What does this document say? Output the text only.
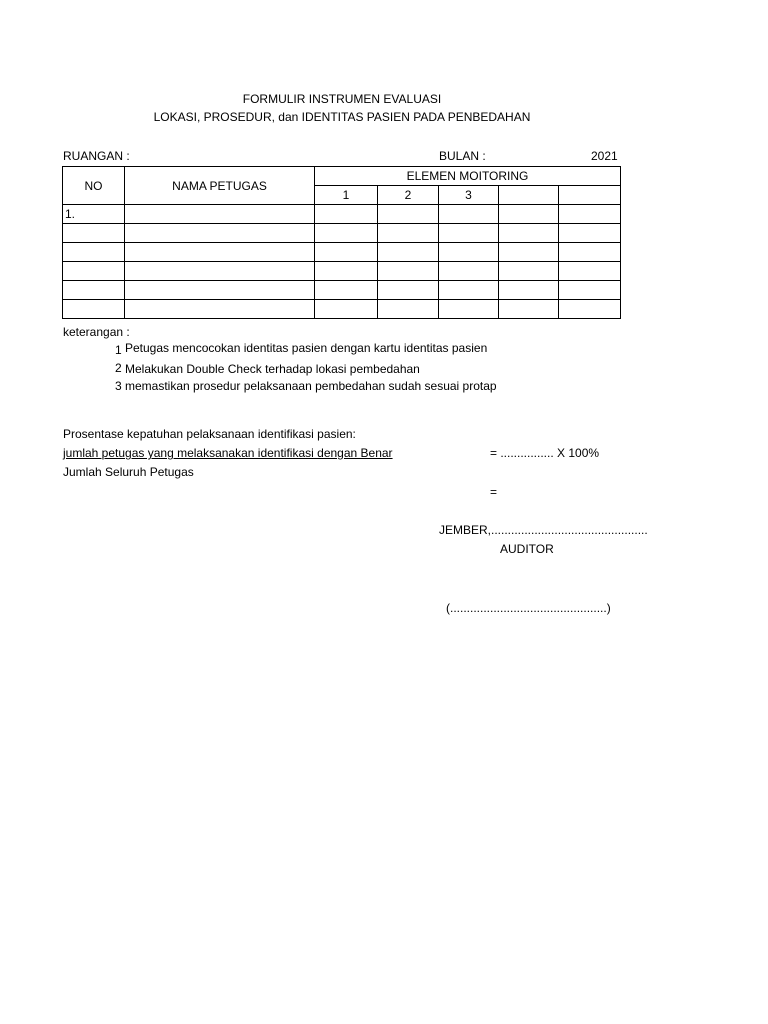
FORMULIR INSTRUMEN EVALUASI
LOKASI, PROSEDUR, dan IDENTITAS PASIEN PADA PENBEDAHAN
RUANGAN :	BULAN :	2021
NO	NAMA PETUGAS	ELEMEN MOITORING				
		1	2	3		
1.						

keterangan :
1 Petugas mencocokan identitas pasien dengan kartu identitas pasien
2 Melakukan Double Check terhadap lokasi pembedahan
3 memastikan prosedur pelaksanaan pembedahan sudah sesuai protap
Prosentase kepatuhan pelaksanaan identifikasi pasien:
jumlah petugas yang melaksanakan identifikasi dengan Benar	= ................ X 100%
Jumlah Seluruh Petugas
=
JEMBER,...............................................
AUDITOR
(...............................................)
